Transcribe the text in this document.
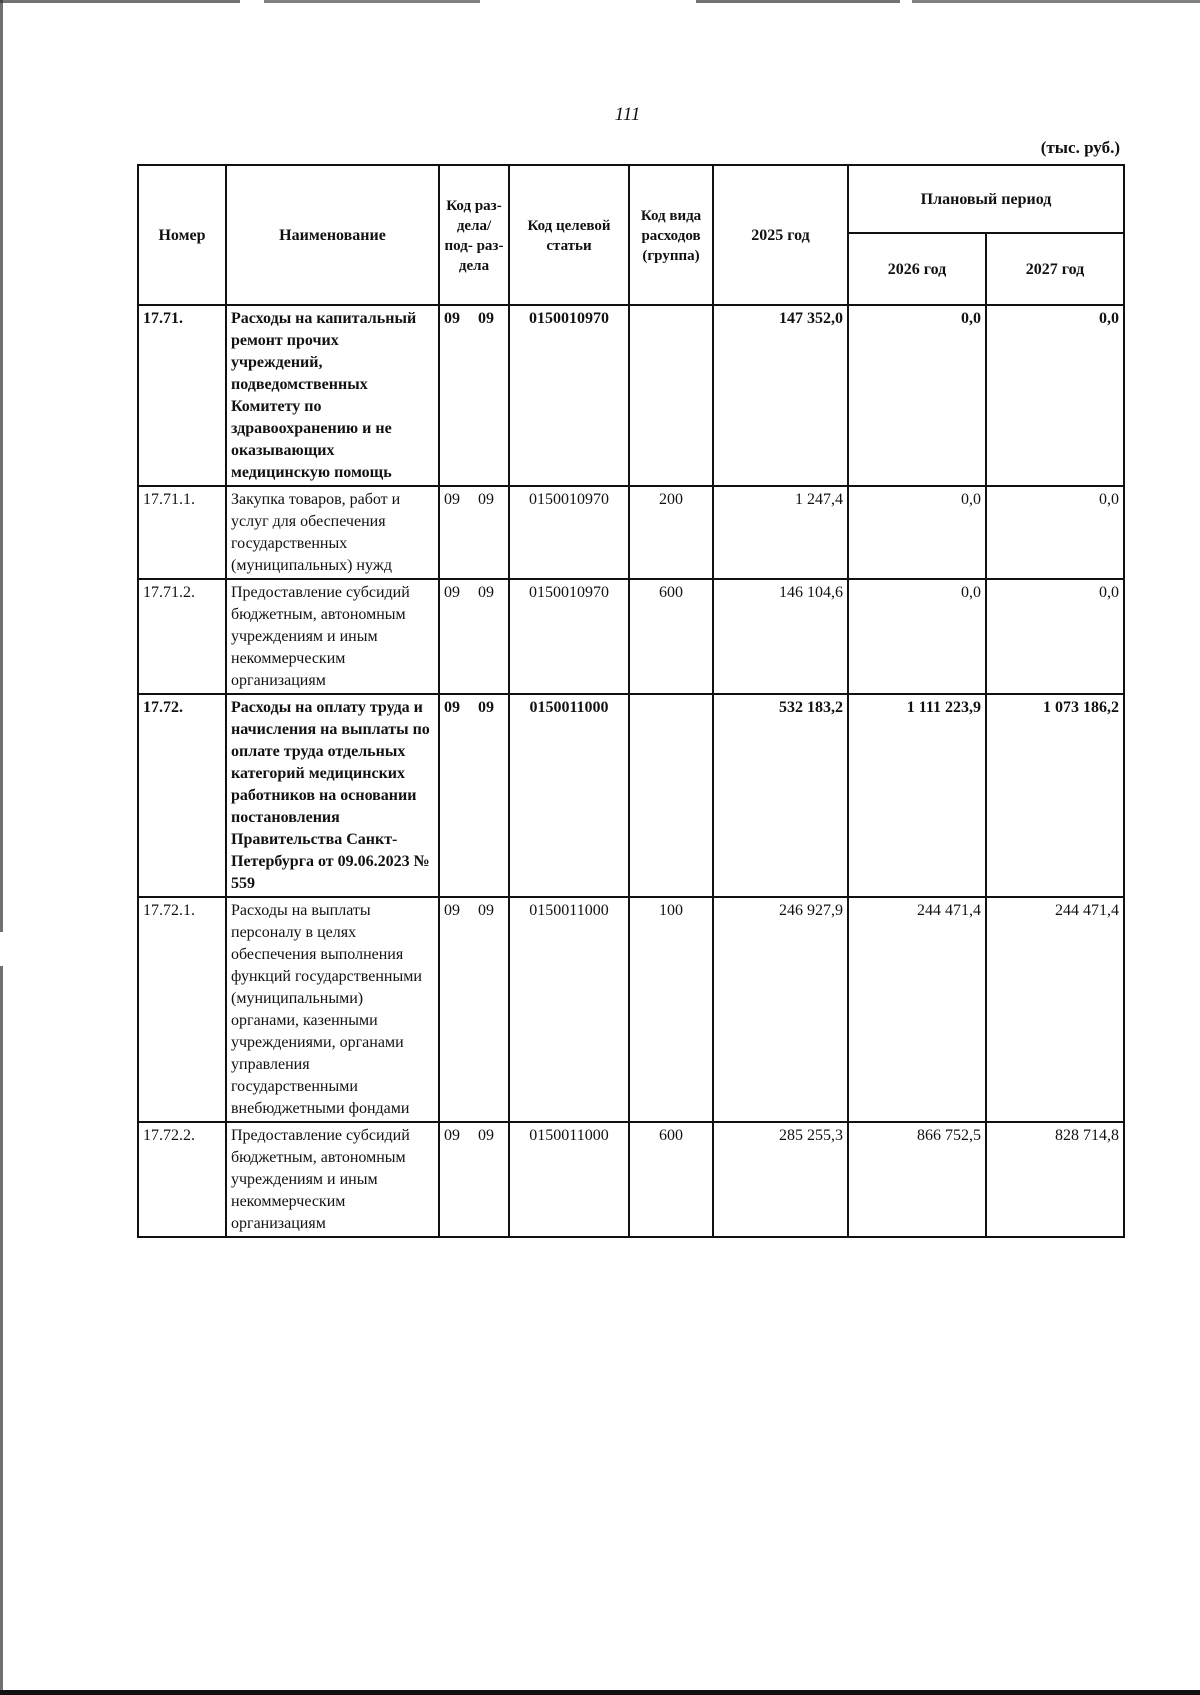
111
(тыс. руб.)
Номер	Наименование	Код раз- дела/ под- раз- дела	Код целевой статьи	Код вида расходов (группа)	2025 год	Плановый период	
						2026 год	2027 год
17.71.	Расходы на капитальный ремонт прочих учреждений, подведомственных Комитету по здравоохранению и не оказывающих медицинскую помощь	09 09	0150010970		147 352,0	0,0	0,0
17.71.1.	Закупка товаров, работ и услуг для обеспечения государственных (муниципальных) нужд	09 09	0150010970	200	1 247,4	0,0	0,0
17.71.2.	Предоставление субсидий бюджетным, автономным учреждениям и иным некоммерческим организациям	09 09	0150010970	600	146 104,6	0,0	0,0
17.72.	Расходы на оплату труда и начисления на выплаты по оплате труда отдельных категорий медицинских работников на основании постановления Правительства Санкт-Петербурга от 09.06.2023 № 559	09 09	0150011000		532 183,2	1 111 223,9	1 073 186,2
17.72.1.	Расходы на выплаты персоналу в целях обеспечения выполнения функций государственными (муниципальными) органами, казенными учреждениями, органами управления государственными внебюджетными фондами	09 09	0150011000	100	246 927,9	244 471,4	244 471,4
17.72.2.	Предоставление субсидий бюджетным, автономным учреждениям и иным некоммерческим организациям	09 09	0150011000	600	285 255,3	866 752,5	828 714,8
